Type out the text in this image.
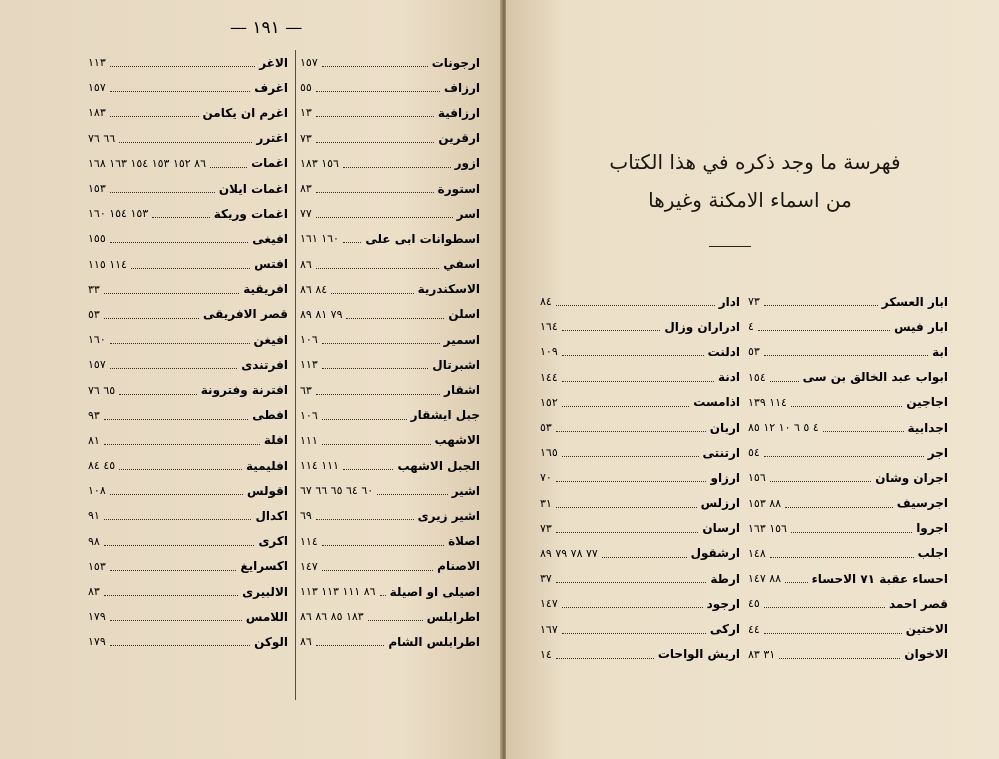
— ١٩١ —
ارجونات
١٥٧
ارزاف
٥٥
ارزافية
١٣
ارقرين
٧٣
ازور
١٥٦ ١٨٣
استورة
٨٣
اسر
٧٧
اسطوانات ابى على
١٦٠ ١٦١
اسفي
٨٦
الاسكندرية
٨٤ ٨٦
اسلن
٧٩ ٨١ ٨٩
اسمير
١٠٦
اشبرتال
١١٣
اشقار
٦٣
جبل ايشقار
١٠٦
الاشهب
١١١
الجبل الاشهب
١١١ ١١٤
اشير
٦٠ ٦٤ ٦٥ ٦٦ ٦٧
اشير زيرى
٦٩
اصلاة
١١٤
الاصنام
١٤٧
اصيلى او اصيلة
٨٦ ١١١ ١١٣ ١١٣
اطرابلس
١٨٣ ٨٥ ٨٦ ٨٦
اطرابلس الشام
٨٦
الاغر
١١٣
اغرف
١٥٧
اغرم ان يكامن
١٨٣
اغترر
٦٦ ٧٦
اغمات
٨٦ ١٥٢ ١٥٣ ١٥٤ ١٦٣ ١٦٨
اغمات ايلان
١٥٣
اغمات وريكة
١٥٣ ١٥٤ ١٦٠
افيغى
١٥٥
افتس
١١٤ ١١٥
افريقية
٣٣
قصر الافريقى
٥٣
افيغن
١٦٠
افرتندى
١٥٧
افترنة وفترونة
٦٥ ٧٦
افطى
٩٣
افلة
٨١
افليمية
٤٥ ٨٤
اقولس
١٠٨
اكدال
٩١
اكرى
٩٨
اكسرايغ
١٥٣
الالبيرى
٨٣
اللامس
١٧٩
الوكن
١٧٩
فهرسة ما وجد ذكره في هذا الكتاب
من اسماء الامكنة وغيرها
ابار العسكر
٧٣
ابار فيس
٤
ابة
٥٣
ابواب عبد الخالق بن سى
١٥٤
اجاجين
١١٤ ١٣٩
اجدابية
٤ ٥ ٦ ١٠ ١٢ ٨٥
اجر
٥٤
اجران وشان
١٥٦
اجرسيف
٨٨ ١٥٣
اجروا
١٥٦ ١٦٣
اجلب
١٤٨
احساء عقبة ٧١ الاحساء
٨٨ ١٤٧
قصر احمد
٤٥
الاختين
٤٤
الاخوان
٣١ ٨٣
ادار
٨٤
ادراران وزال
١٦٤
ادلنت
١٠٩
ادنة
١٤٤
اذامست
١٥٢
اربان
٥٣
ارتنتى
١٦٥
ارزاو
٧٠
ارزلس
٣١
ارسان
٧٣
ارشقول
٧٧ ٧٨ ٧٩ ٨٩
ارطة
٣٧
ارجود
١٤٧
اركى
١٦٧
اريش الواحات
١٤
